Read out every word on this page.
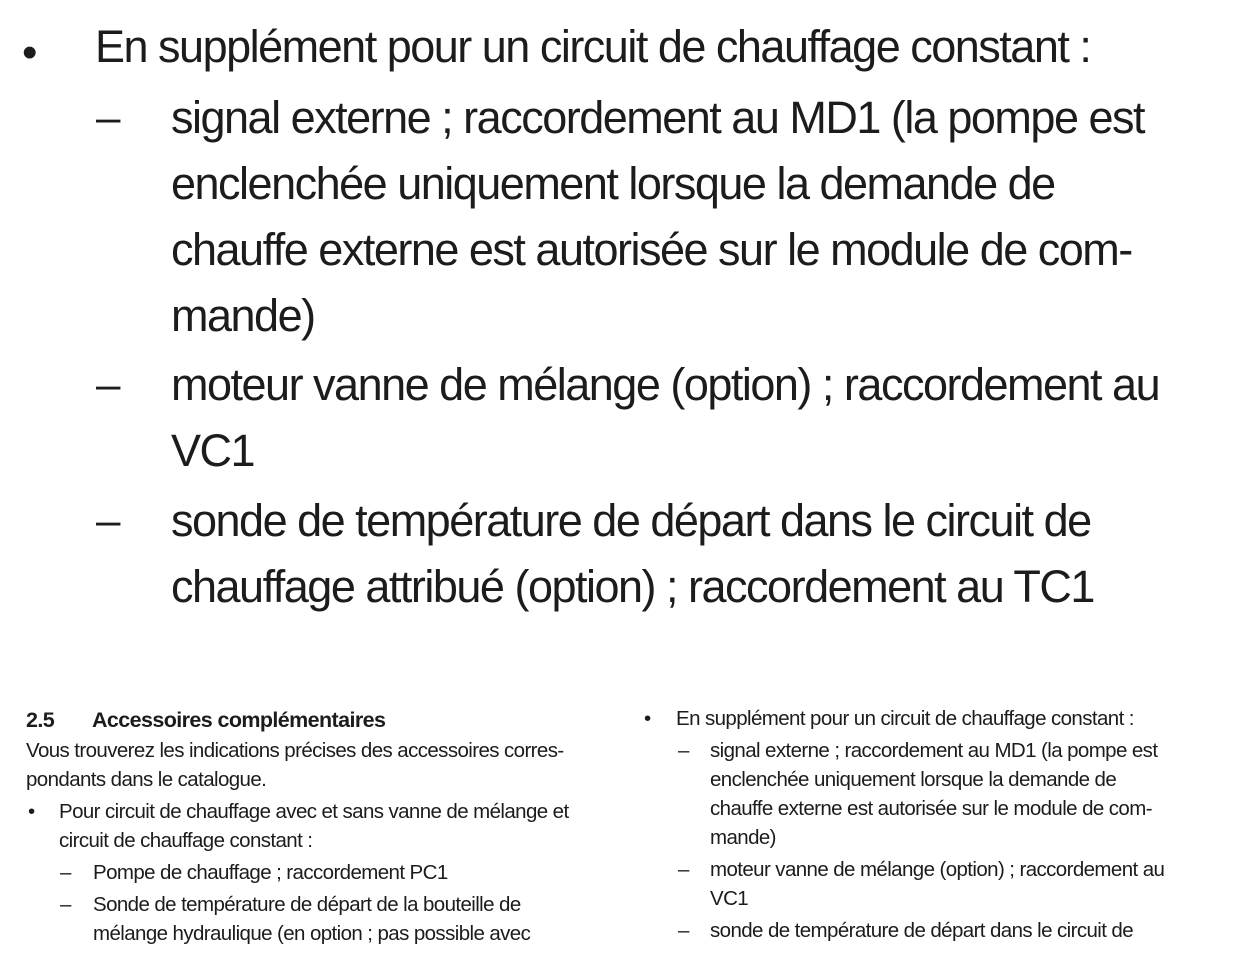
• En supplément pour un circuit de chauffage constant :
– signal externe ; raccordement au MD1 (la pompe est
enclenchée uniquement lorsque la demande de
chauffe externe est autorisée sur le module de com-
mande)
– moteur vanne de mélange (option) ; raccordement au
VC1
– sonde de température de départ dans le circuit de
chauffage attribué (option) ; raccordement au TC1
2.5 Accessoires complémentaires
Vous trouverez les indications précises des accessoires corres-
pondants dans le catalogue.
• Pour circuit de chauffage avec et sans vanne de mélange et
circuit de chauffage constant :
– Pompe de chauffage ; raccordement PC1
– Sonde de température de départ de la bouteille de
mélange hydraulique (en option ; pas possible avec
• En supplément pour un circuit de chauffage constant :
– signal externe ; raccordement au MD1 (la pompe est
enclenchée uniquement lorsque la demande de
chauffe externe est autorisée sur le module de com-
mande)
– moteur vanne de mélange (option) ; raccordement au
VC1
– sonde de température de départ dans le circuit de
